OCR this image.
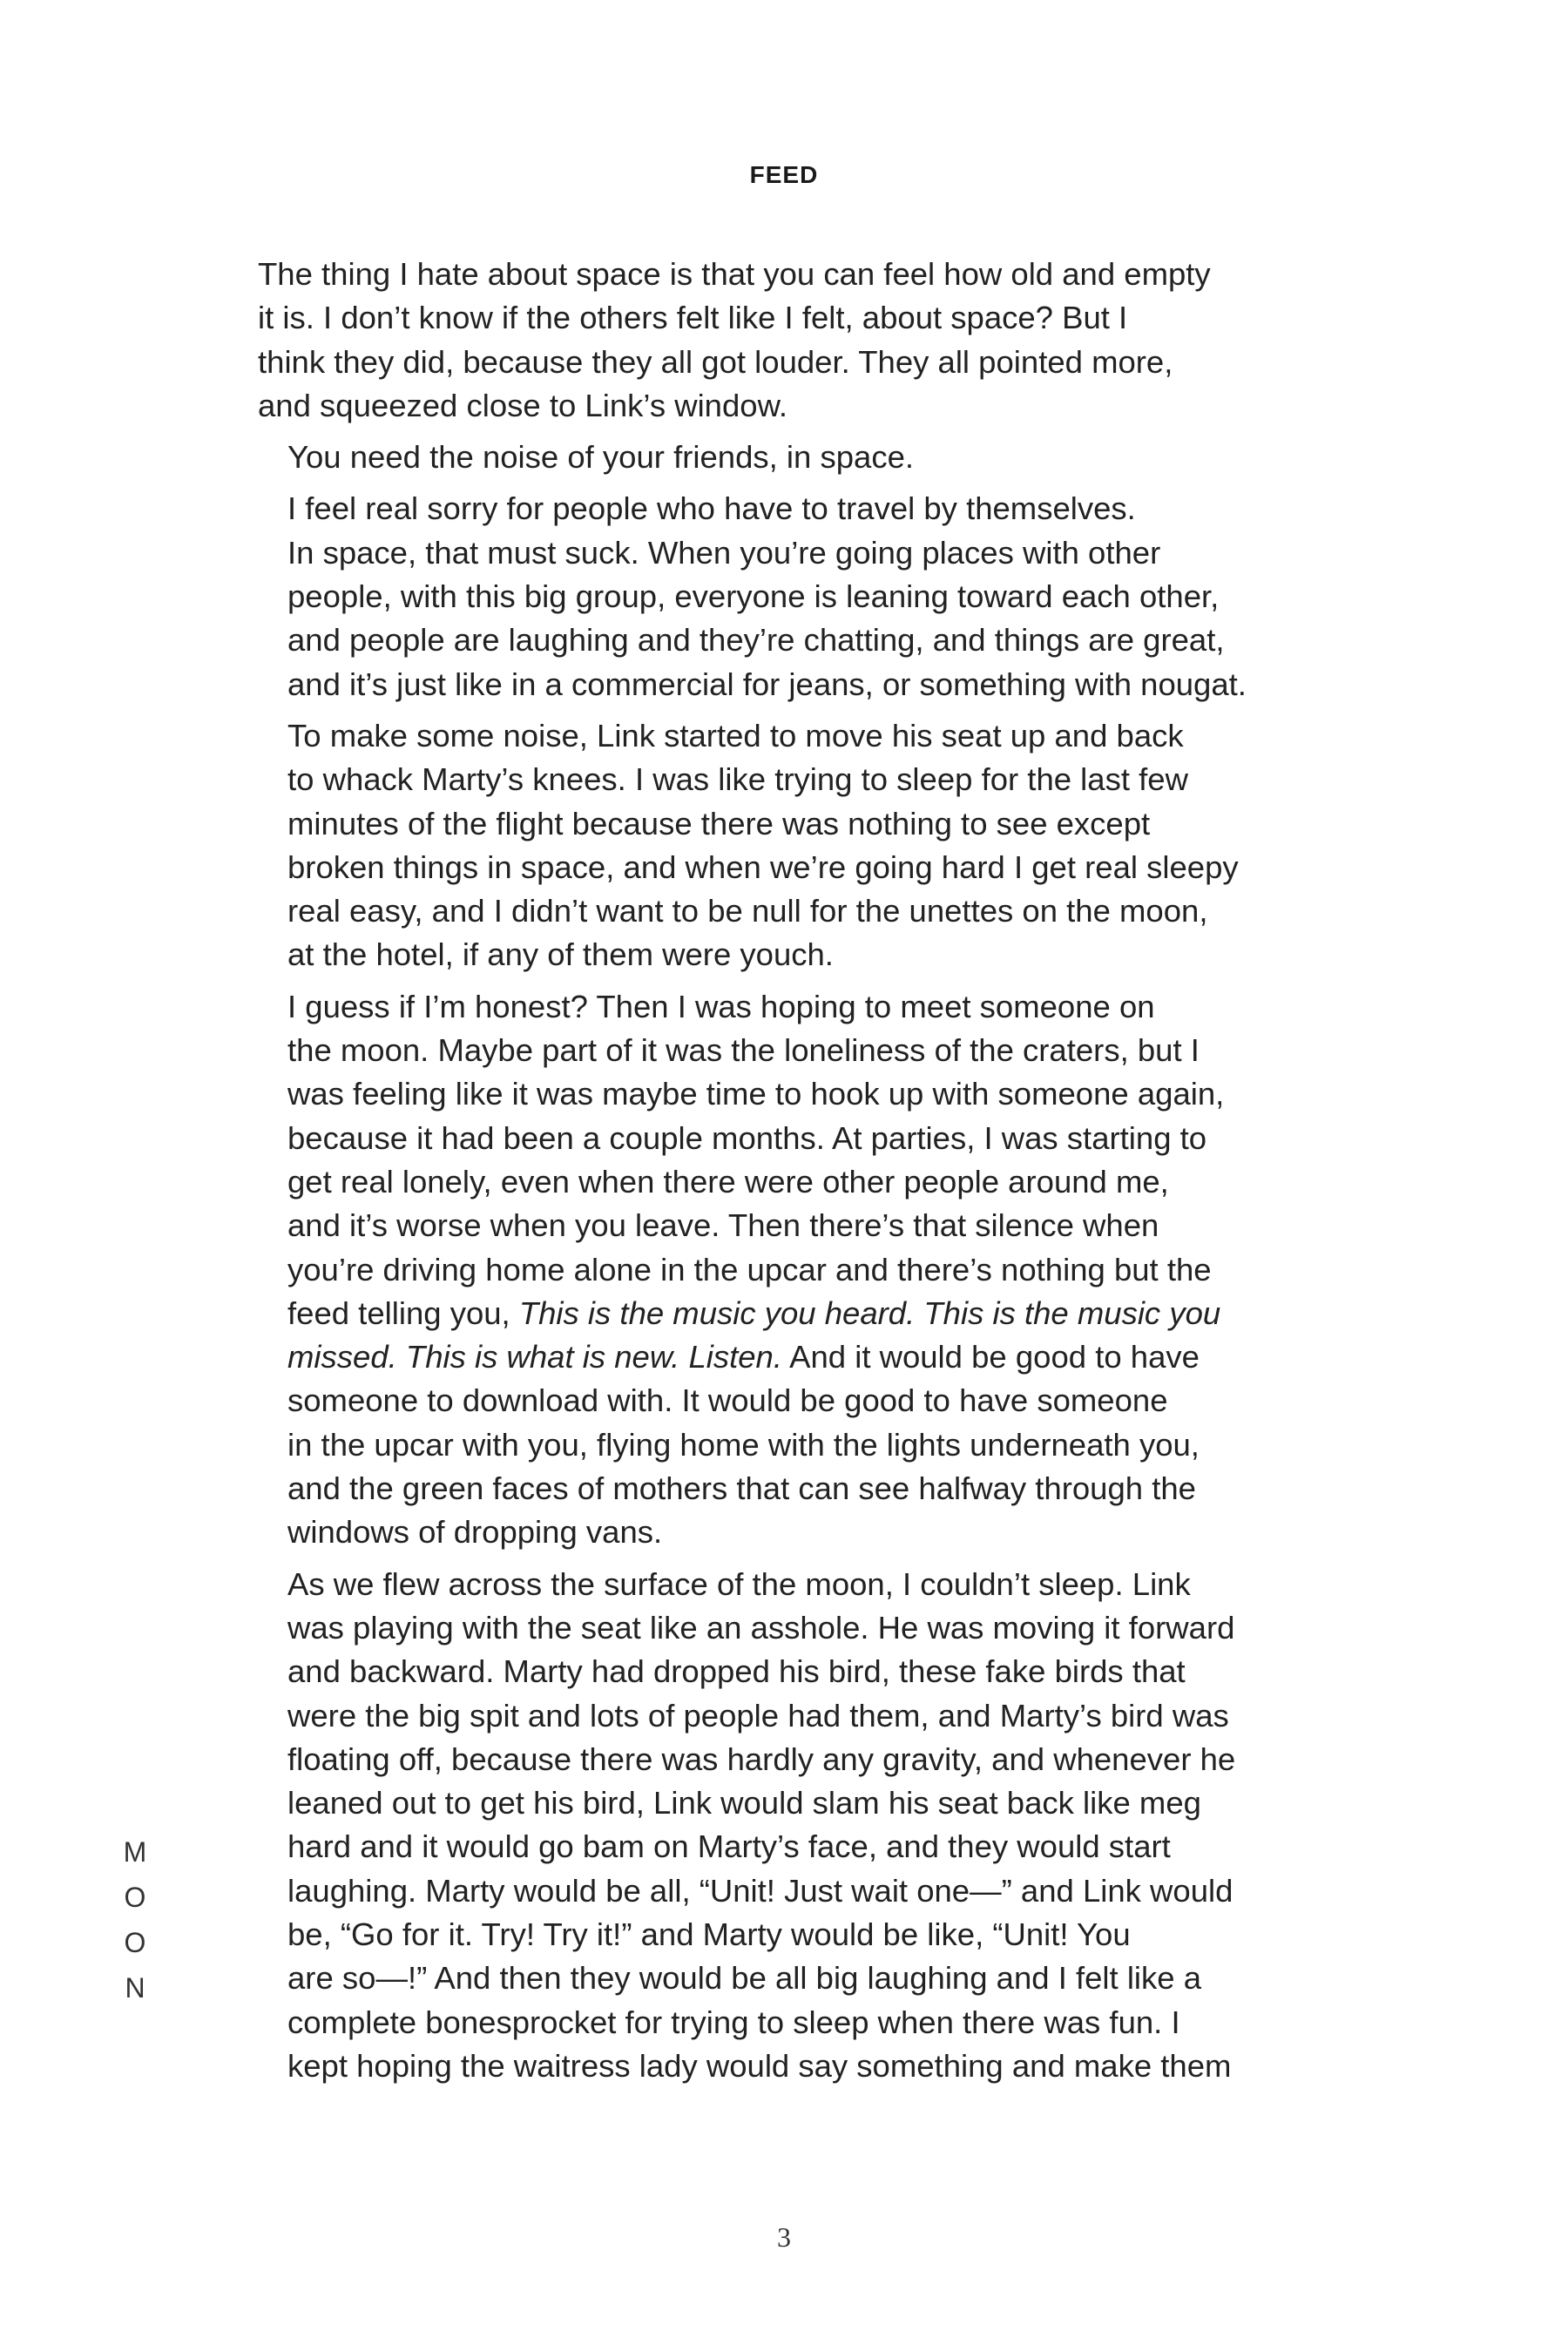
FEED

The thing I hate about space is that you can feel how old and empty
it is. I don’t know if the others felt like I felt, about space? But I
think they did, because they all got louder. They all pointed more,
and squeezed close to Link’s window.

You need the noise of your friends, in space.

I feel real sorry for people who have to travel by themselves.
In space, that must suck. When you’re going places with other
people, with this big group, everyone is leaning toward each other,
and people are laughing and they’re chatting, and things are great,
and it’s just like in a commercial for jeans, or something with nougat.

To make some noise, Link started to move his seat up and back
to whack Marty’s knees. I was like trying to sleep for the last few
minutes of the flight because there was nothing to see except
broken things in space, and when we’re going hard I get real sleepy
real easy, and I didn’t want to be null for the unettes on the moon,
at the hotel, if any of them were youch.

I guess if I’m honest? Then I was hoping to meet someone on
the moon. Maybe part of it was the loneliness of the craters, but I
was feeling like it was maybe time to hook up with someone again,
because it had been a couple months. At parties, I was starting to
get real lonely, even when there were other people around me,
and it’s worse when you leave. Then there’s that silence when
you’re driving home alone in the upcar and there’s nothing but the
feed telling you, This is the music you heard. This is the music you
missed. This is what is new. Listen. And it would be good to have
someone to download with. It would be good to have someone
in the upcar with you, flying home with the lights underneath you,
and the green faces of mothers that can see halfway through the
windows of dropping vans.

As we flew across the surface of the moon, I couldn’t sleep. Link
was playing with the seat like an asshole. He was moving it forward
and backward. Marty had dropped his bird, these fake birds that
were the big spit and lots of people had them, and Marty’s bird was
floating off, because there was hardly any gravity, and whenever he
leaned out to get his bird, Link would slam his seat back like meg
hard and it would go bam on Marty’s face, and they would start
laughing. Marty would be all, “Unit! Just wait one—” and Link would
be, “Go for it. Try! Try it!” and Marty would be like, “Unit! You
are so—!” And then they would be all big laughing and I felt like a
complete bonesprocket for trying to sleep when there was fun. I
kept hoping the waitress lady would say something and make them

M
O
O
N
3
